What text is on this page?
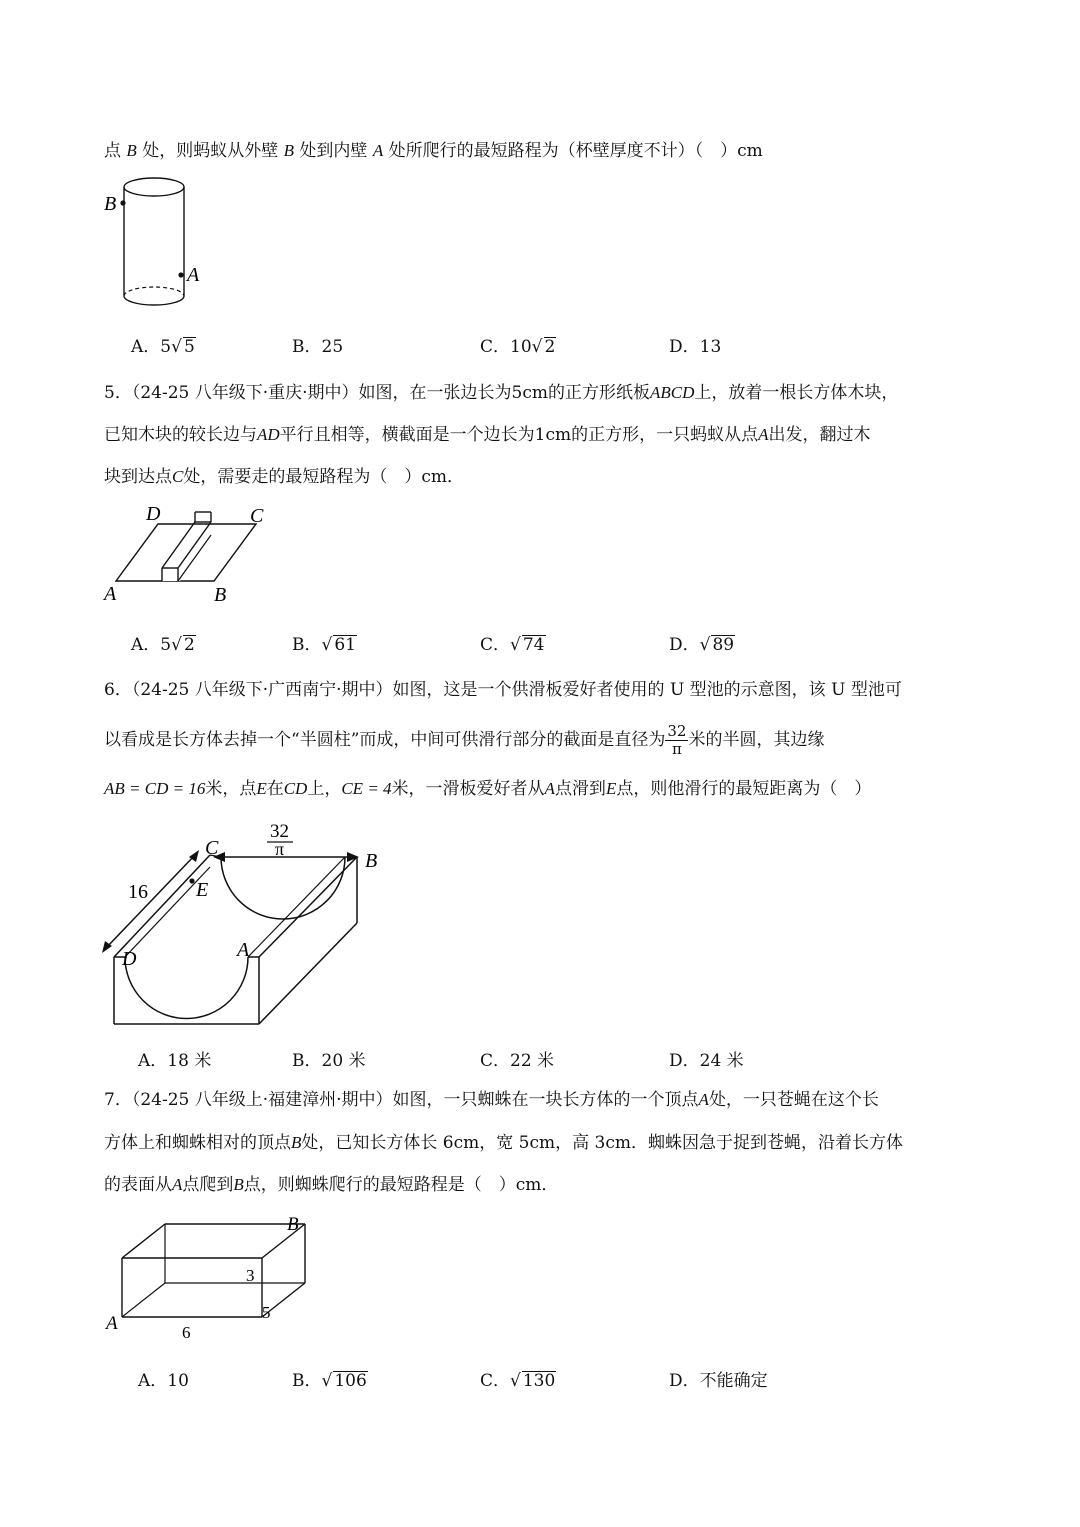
点 B 处，则蚂蚁从外壁 B 处到内壁 A 处所爬行的最短路程为（杯壁厚度不计）（　）cm
B
A
A．5√ 5	B．25	C．10√ 2	D．13
5．（24-25 八年级下·重庆·期中）如图，在一张边长为5cm的正方形纸板ABCD上，放着一根长方体木块，
已知木块的较长边与AD平行且相等，横截面是一个边长为1cm的正方形，一只蚂蚁从点A出发，翻过木
块到达点C处，需要走的最短路程为（　）cm．
D	C
A	B
A．5√ 2	B．√ 61	C．√ 74	D．√ 89
6．（24-25 八年级下·广西南宁·期中）如图，这是一个供滑板爱好者使用的 U 型池的示意图，该 U 型池可
以看成是长方体去掉一个“半圆柱”而成，中间可供滑行部分的截面是直径为 $\frac{32}{\pi}$ 米的半圆，其边缘
AB = CD = 16米，点E在CD上，CE = 4米，一滑板爱好者从A点滑到E点，则他滑行的最短距离为（　）
32
π
C
B
E
D	A
16
A．18 米	B．20 米	C．22 米	D．24 米
7．（24-25 八年级上·福建漳州·期中）如图，一只蜘蛛在一块长方体的一个顶点A处，一只苍蝇在这个长
方体上和蜘蛛相对的顶点B处，已知长方体长 6cm，宽 5cm，高 3cm．蜘蛛因急于捉到苍蝇，沿着长方体
的表面从A点爬到B点，则蜘蛛爬行的最短路程是（　）cm．
B
A
3
5
6
A．10	B．√ 106	C．√ 130	D．不能确定
